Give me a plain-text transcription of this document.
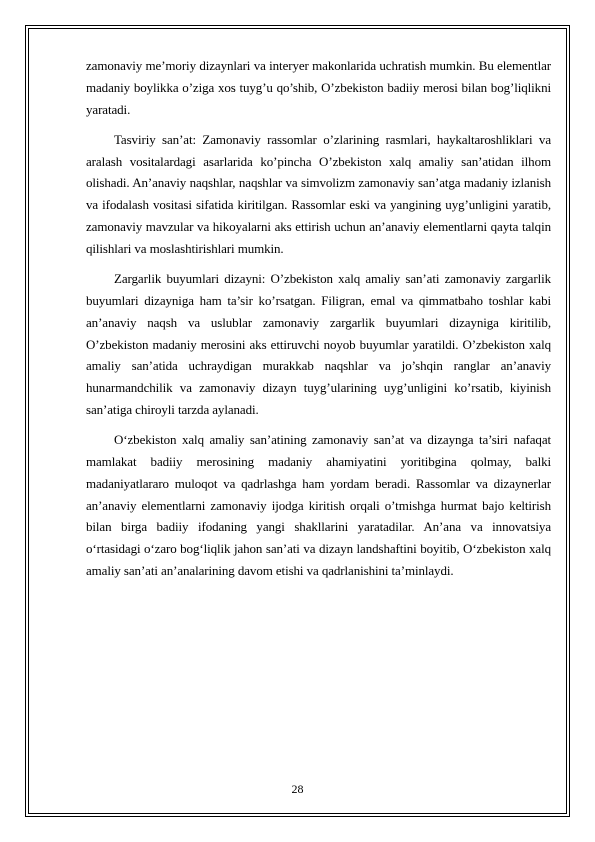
zamonaviy me’moriy dizaynlari va interyer makonlarida uchratish mumkin. Bu elementlar madaniy boylikka o’ziga xos tuyg’u qo’shib, O’zbekiston badiiy merosi bilan bog’liqlikni yaratadi.

Tasviriy san’at: Zamonaviy rassomlar o’zlarining rasmlari, haykaltaroshliklari va aralash vositalardagi asarlarida ko’pincha O’zbekiston xalq amaliy san’atidan ilhom olishadi. An’anaviy naqshlar, naqshlar va simvolizm zamonaviy san’atga madaniy izlanish va ifodalash vositasi sifatida kiritilgan. Rassomlar eski va yangining uyg’unligini yaratib, zamonaviy mavzular va hikoyalarni aks ettirish uchun an’anaviy elementlarni qayta talqin qilishlari va moslashtirishlari mumkin.

Zargarlik buyumlari dizayni: O’zbekiston xalq amaliy san’ati zamonaviy zargarlik buyumlari dizayniga ham ta’sir ko’rsatgan. Filigran, emal va qimmatbaho toshlar kabi an’anaviy naqsh va uslublar zamonaviy zargarlik buyumlari dizayniga kiritilib, O’zbekiston madaniy merosini aks ettiruvchi noyob buyumlar yaratildi. O’zbekiston xalq amaliy san’atida uchraydigan murakkab naqshlar va jo’shqin ranglar an’anaviy hunarmandchilik va zamonaviy dizayn tuyg’ularining uyg’unligini ko’rsatib, kiyinish san’atiga chiroyli tarzda aylanadi.

O‘zbekiston xalq amaliy san’atining zamonaviy san’at va dizaynga ta’siri nafaqat mamlakat badiiy merosining madaniy ahamiyatini yoritibgina qolmay, balki madaniyatlararo muloqot va qadrlashga ham yordam beradi. Rassomlar va dizaynerlar an’anaviy elementlarni zamonaviy ijodga kiritish orqali o’tmishga hurmat bajo keltirish bilan birga badiiy ifodaning yangi shakllarini yaratadilar. An’ana va innovatsiya o‘rtasidagi o‘zaro bog‘liqlik jahon san’ati va dizayn landshaftini boyitib, O‘zbekiston xalq amaliy san’ati an’analarining davom etishi va qadrlanishini ta’minlaydi.

28
